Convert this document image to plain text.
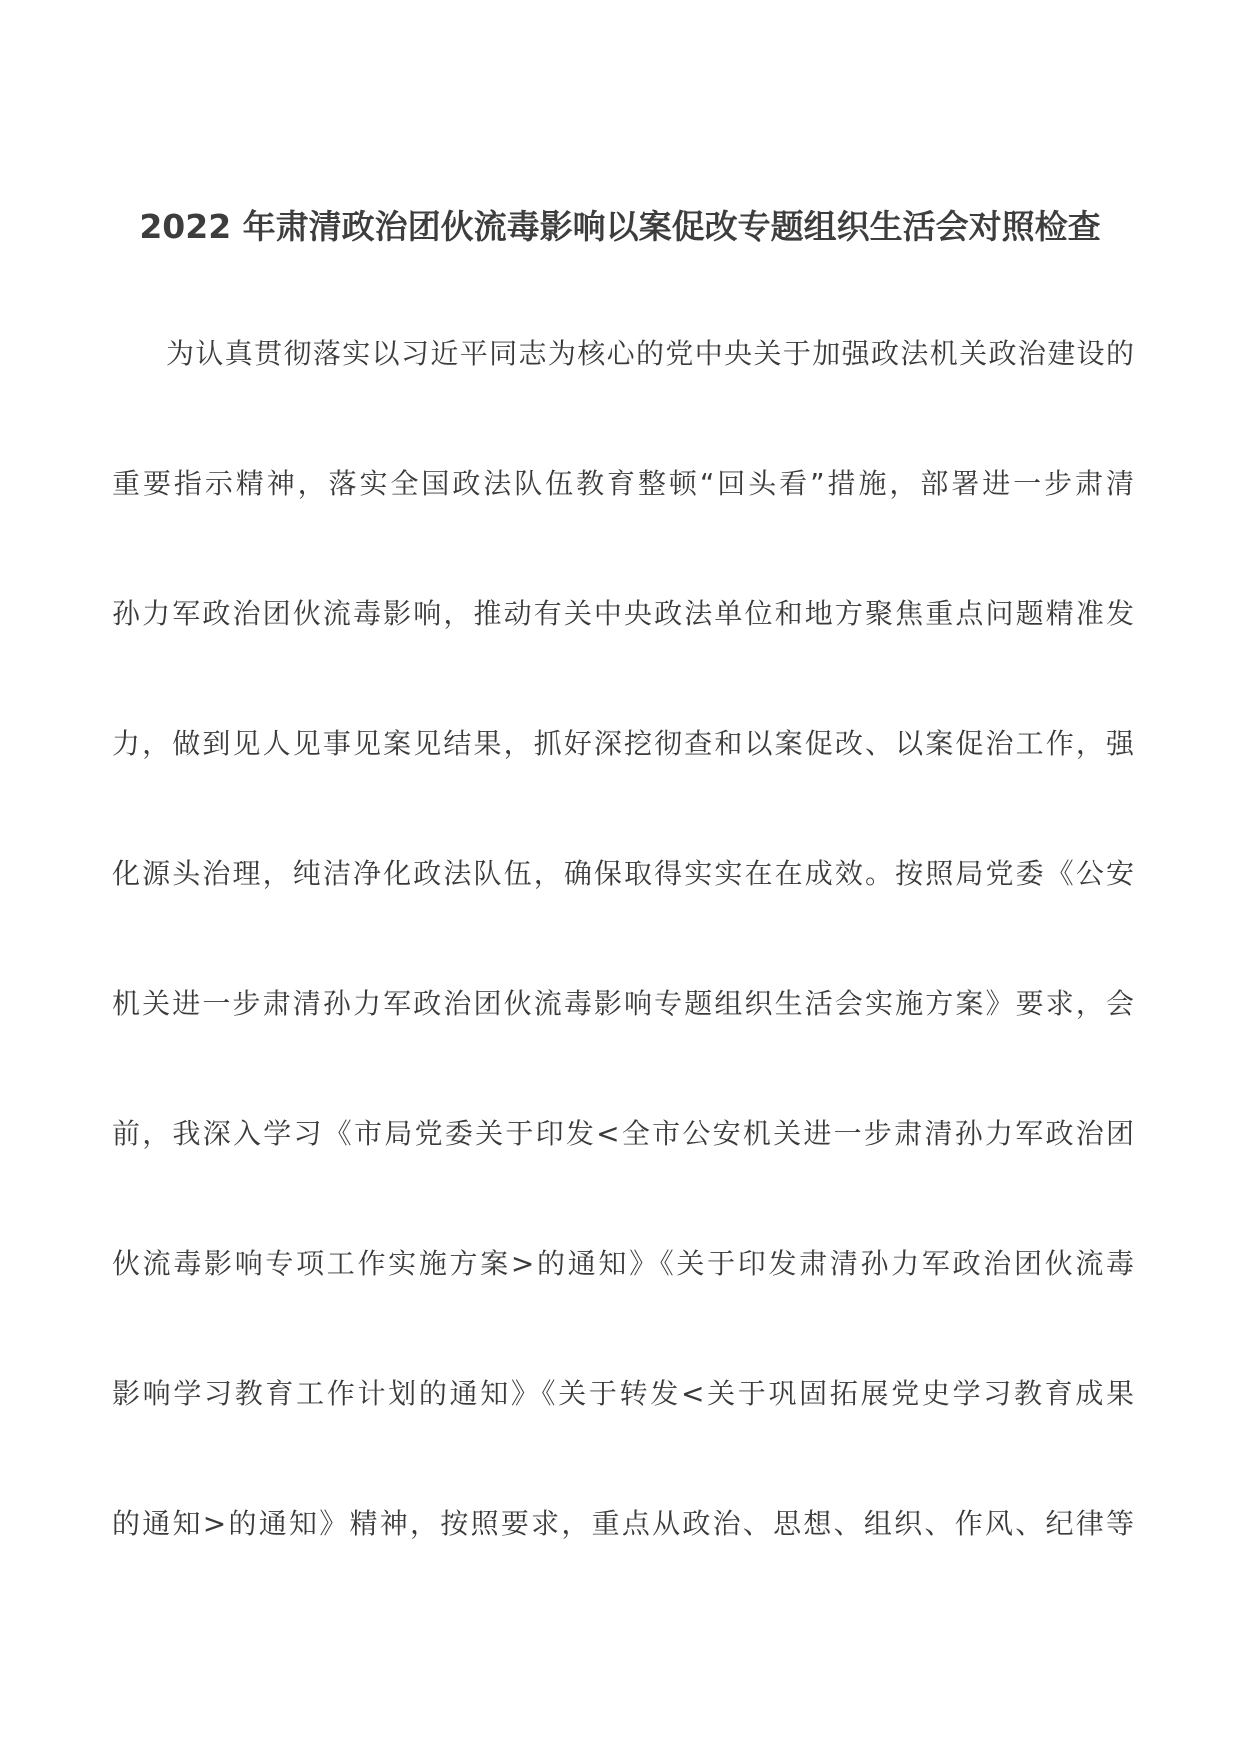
2022 年肃清政治团伙流毒影响以案促改专题组织生活会对照检查
为认真贯彻落实以习近平同志为核心的党中央关于加强政法机关政治建设的
重要指示精神，落实全国政法队伍教育整顿“回头看”措施，部署进一步肃清
孙力军政治团伙流毒影响，推动有关中央政法单位和地方聚焦重点问题精准发
力，做到见人见事见案见结果，抓好深挖彻查和以案促改、以案促治工作，强
化源头治理，纯洁净化政法队伍，确保取得实实在在成效。按照局党委《公安
机关进一步肃清孙力军政治团伙流毒影响专题组织生活会实施方案》要求，会
前，我深入学习《市局党委关于印发<全市公安机关进一步肃清孙力军政治团
伙流毒影响专项工作实施方案>的通知》《关于印发肃清孙力军政治团伙流毒
影响学习教育工作计划的通知》《关于转发<关于巩固拓展党史学习教育成果
的通知>的通知》精神，按照要求，重点从政治、思想、组织、作风、纪律等
